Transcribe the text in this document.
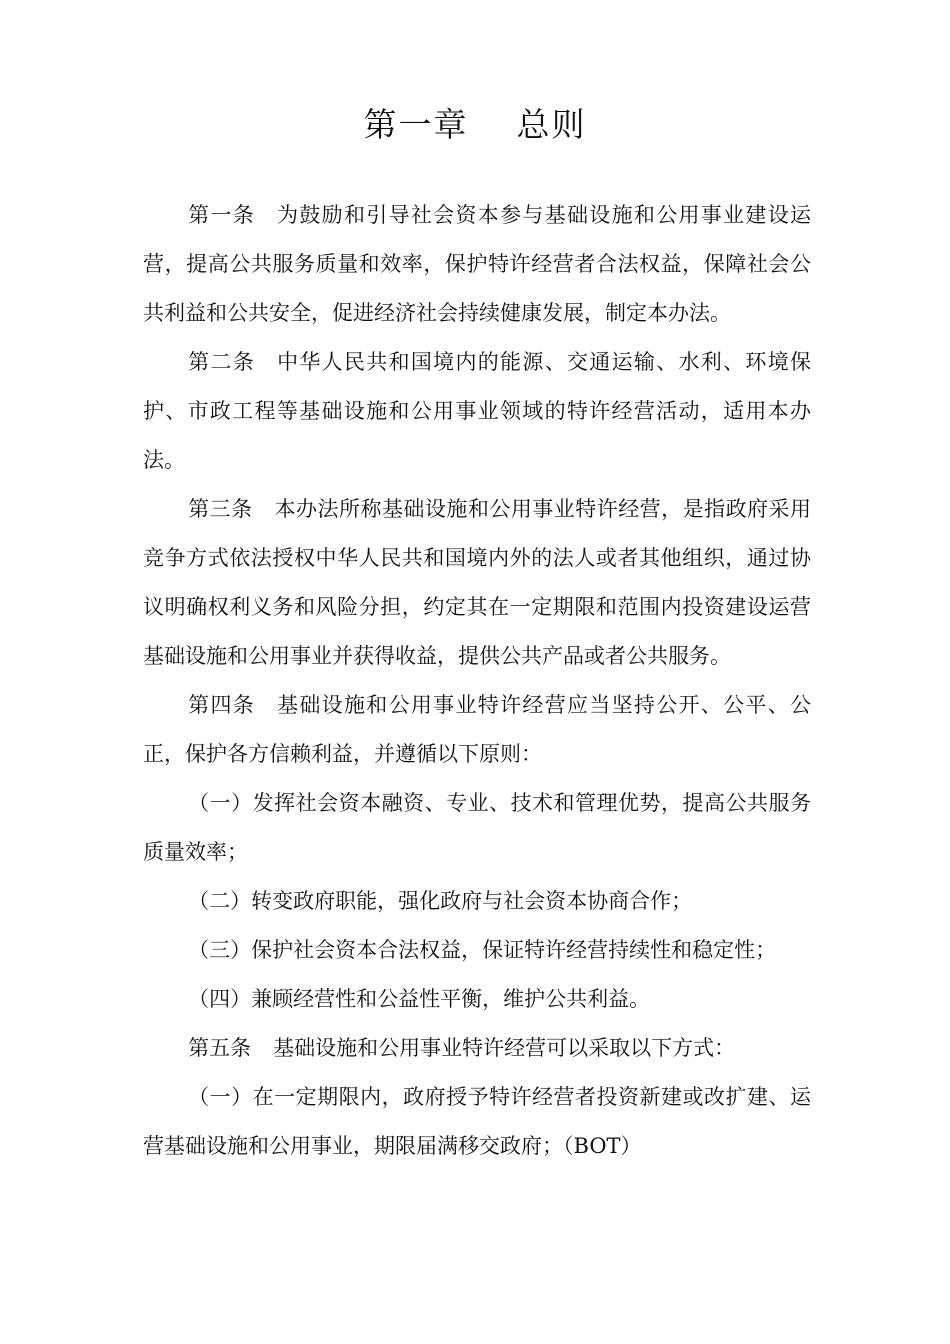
第一章 总则

第一条 为鼓励和引导社会资本参与基础设施和公用事业建设运营，提高公共服务质量和效率，保护特许经营者合法权益，保障社会公共利益和公共安全，促进经济社会持续健康发展，制定本办法。

第二条 中华人民共和国境内的能源、交通运输、水利、环境保护、市政工程等基础设施和公用事业领域的特许经营活动，适用本办法。

第三条 本办法所称基础设施和公用事业特许经营，是指政府采用竞争方式依法授权中华人民共和国境内外的法人或者其他组织，通过协议明确权利义务和风险分担，约定其在一定期限和范围内投资建设运营基础设施和公用事业并获得收益，提供公共产品或者公共服务。

第四条 基础设施和公用事业特许经营应当坚持公开、公平、公正，保护各方信赖利益，并遵循以下原则：

（一）发挥社会资本融资、专业、技术和管理优势，提高公共服务质量效率；

（二）转变政府职能，强化政府与社会资本协商合作；

（三）保护社会资本合法权益，保证特许经营持续性和稳定性；

（四）兼顾经营性和公益性平衡，维护公共利益。

第五条 基础设施和公用事业特许经营可以采取以下方式：

（一）在一定期限内，政府授予特许经营者投资新建或改扩建、运营基础设施和公用事业，期限届满移交政府；（BOT）
